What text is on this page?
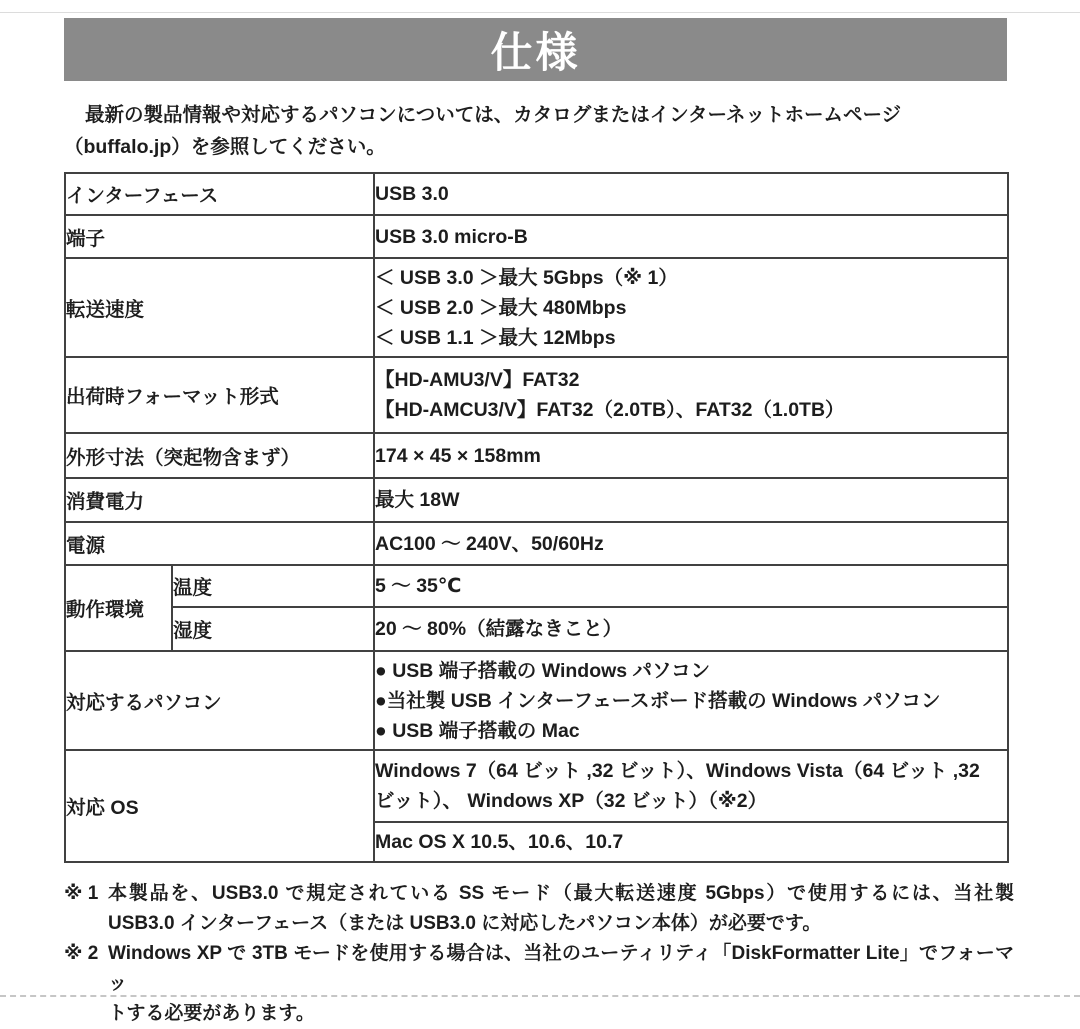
仕様
最新の製品情報や対応するパソコンについては、カタログまたはインターネットホームページ
（buffalo.jp）を参照してください。
インターフェース		USB 3.0
端子		USB 3.0 micro-B
転送速度		＜ USB 3.0 ＞最大 5Gbps（※ 1）
＜ USB 2.0 ＞最大 480Mbps
＜ USB 1.1 ＞最大 12Mbps

出荷時フォーマット形式		【HD-AMU3/V】FAT32
【HD-AMCU3/V】FAT32（2.0TB）、FAT32（1.0TB）

外形寸法（突起物含まず）		174 × 45 × 158mm
消費電力		最大 18W
電源		AC100 ～ 240V、50/60Hz
動作環境	温度	5 ～ 35℃
	湿度	20 ～ 80%（結露なきこと）
対応するパソコン		● USB 端子搭載の Windows パソコン
●当社製 USB インターフェースボード搭載の Windows パソコン
● USB 端子搭載の Mac

対応 OS		Windows 7（64 ビット ,32 ビット）、Windows Vista（64 ビット ,32
ビット）、 Windows XP（32 ビット）（※2）

		Mac OS X 10.5、10.6、10.7
※ 1 本製品を、USB3.0 で規定されている SS モード（最大転送速度 5Gbps）で使用するには、当社製
USB3.0 インターフェース（または USB3.0 に対応したパソコン本体）が必要です。
※ 2 Windows XP で 3TB モードを使用する場合は、当社のユーティリティ「DiskFormatter Lite」でフォーマッ
トする必要があります。
